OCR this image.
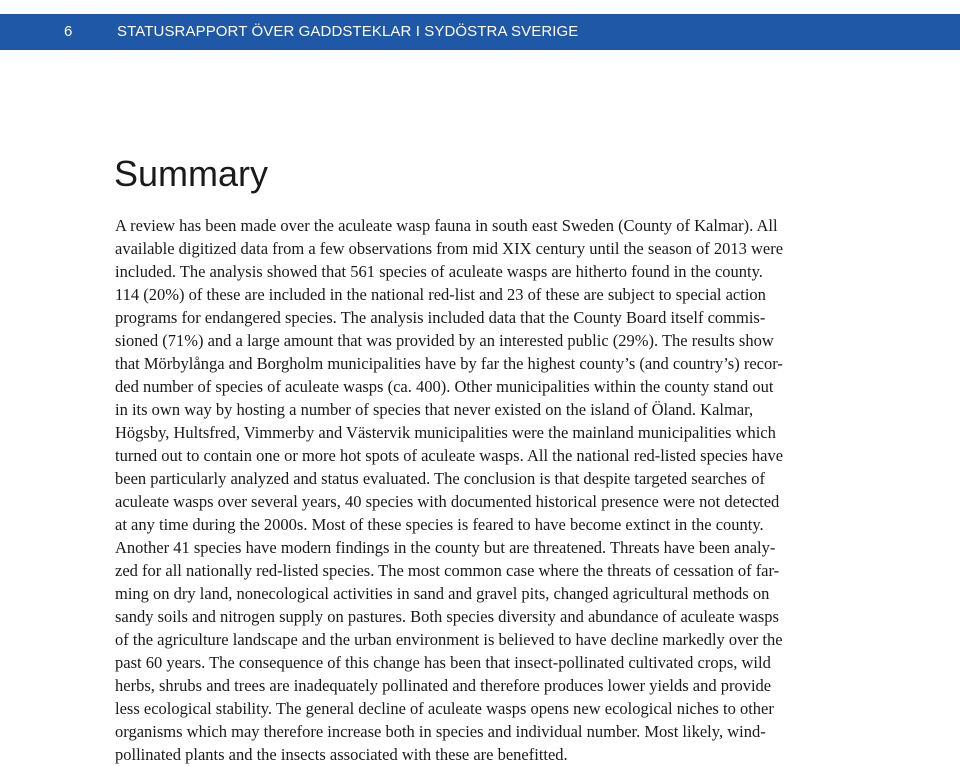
6	STATUSRAPPORT ÖVER GADDSTEKLAR I SYDÖSTRA SVERIGE
Summary
A review has been made over the aculeate wasp fauna in south east Sweden (County of Kalmar). All
available digitized data from a few observations from mid XIX century until the season of 2013 were
included. The analysis showed that 561 species of aculeate wasps are hitherto found in the county.
114 (20%) of these are included in the national red-list and 23 of these are subject to special action
programs for endangered species. The analysis included data that the County Board itself commis-
sioned (71%) and a large amount that was provided by an interested public (29%). The results show
that Mörbylånga and Borgholm municipalities have by far the highest county’s (and country’s) recor-
ded number of species of aculeate wasps (ca. 400). Other municipalities within the county stand out
in its own way by hosting a number of species that never existed on the island of Öland. Kalmar,
Högsby, Hultsfred, Vimmerby and Västervik municipalities were the mainland municipalities which
turned out to contain one or more hot spots of aculeate wasps. All the national red-listed species have
been particularly analyzed and status evaluated. The conclusion is that despite targeted searches of
aculeate wasps over several years, 40 species with documented historical presence were not detected
at any time during the 2000s. Most of these species is feared to have become extinct in the county.
Another 41 species have modern findings in the county but are threatened. Threats have been analy-
zed for all nationally red-listed species. The most common case where the threats of cessation of far-
ming on dry land, nonecological activities in sand and gravel pits, changed agricultural methods on
sandy soils and nitrogen supply on pastures. Both species diversity and abundance of aculeate wasps
of the agriculture landscape and the urban environment is believed to have decline markedly over the
past 60 years. The consequence of this change has been that insect-pollinated cultivated crops, wild
herbs, shrubs and trees are inadequately pollinated and therefore produces lower yields and provide
less ecological stability. The general decline of aculeate wasps opens new ecological niches to other
organisms which may therefore increase both in species and individual number. Most likely, wind-
pollinated plants and the insects associated with these are benefitted.
